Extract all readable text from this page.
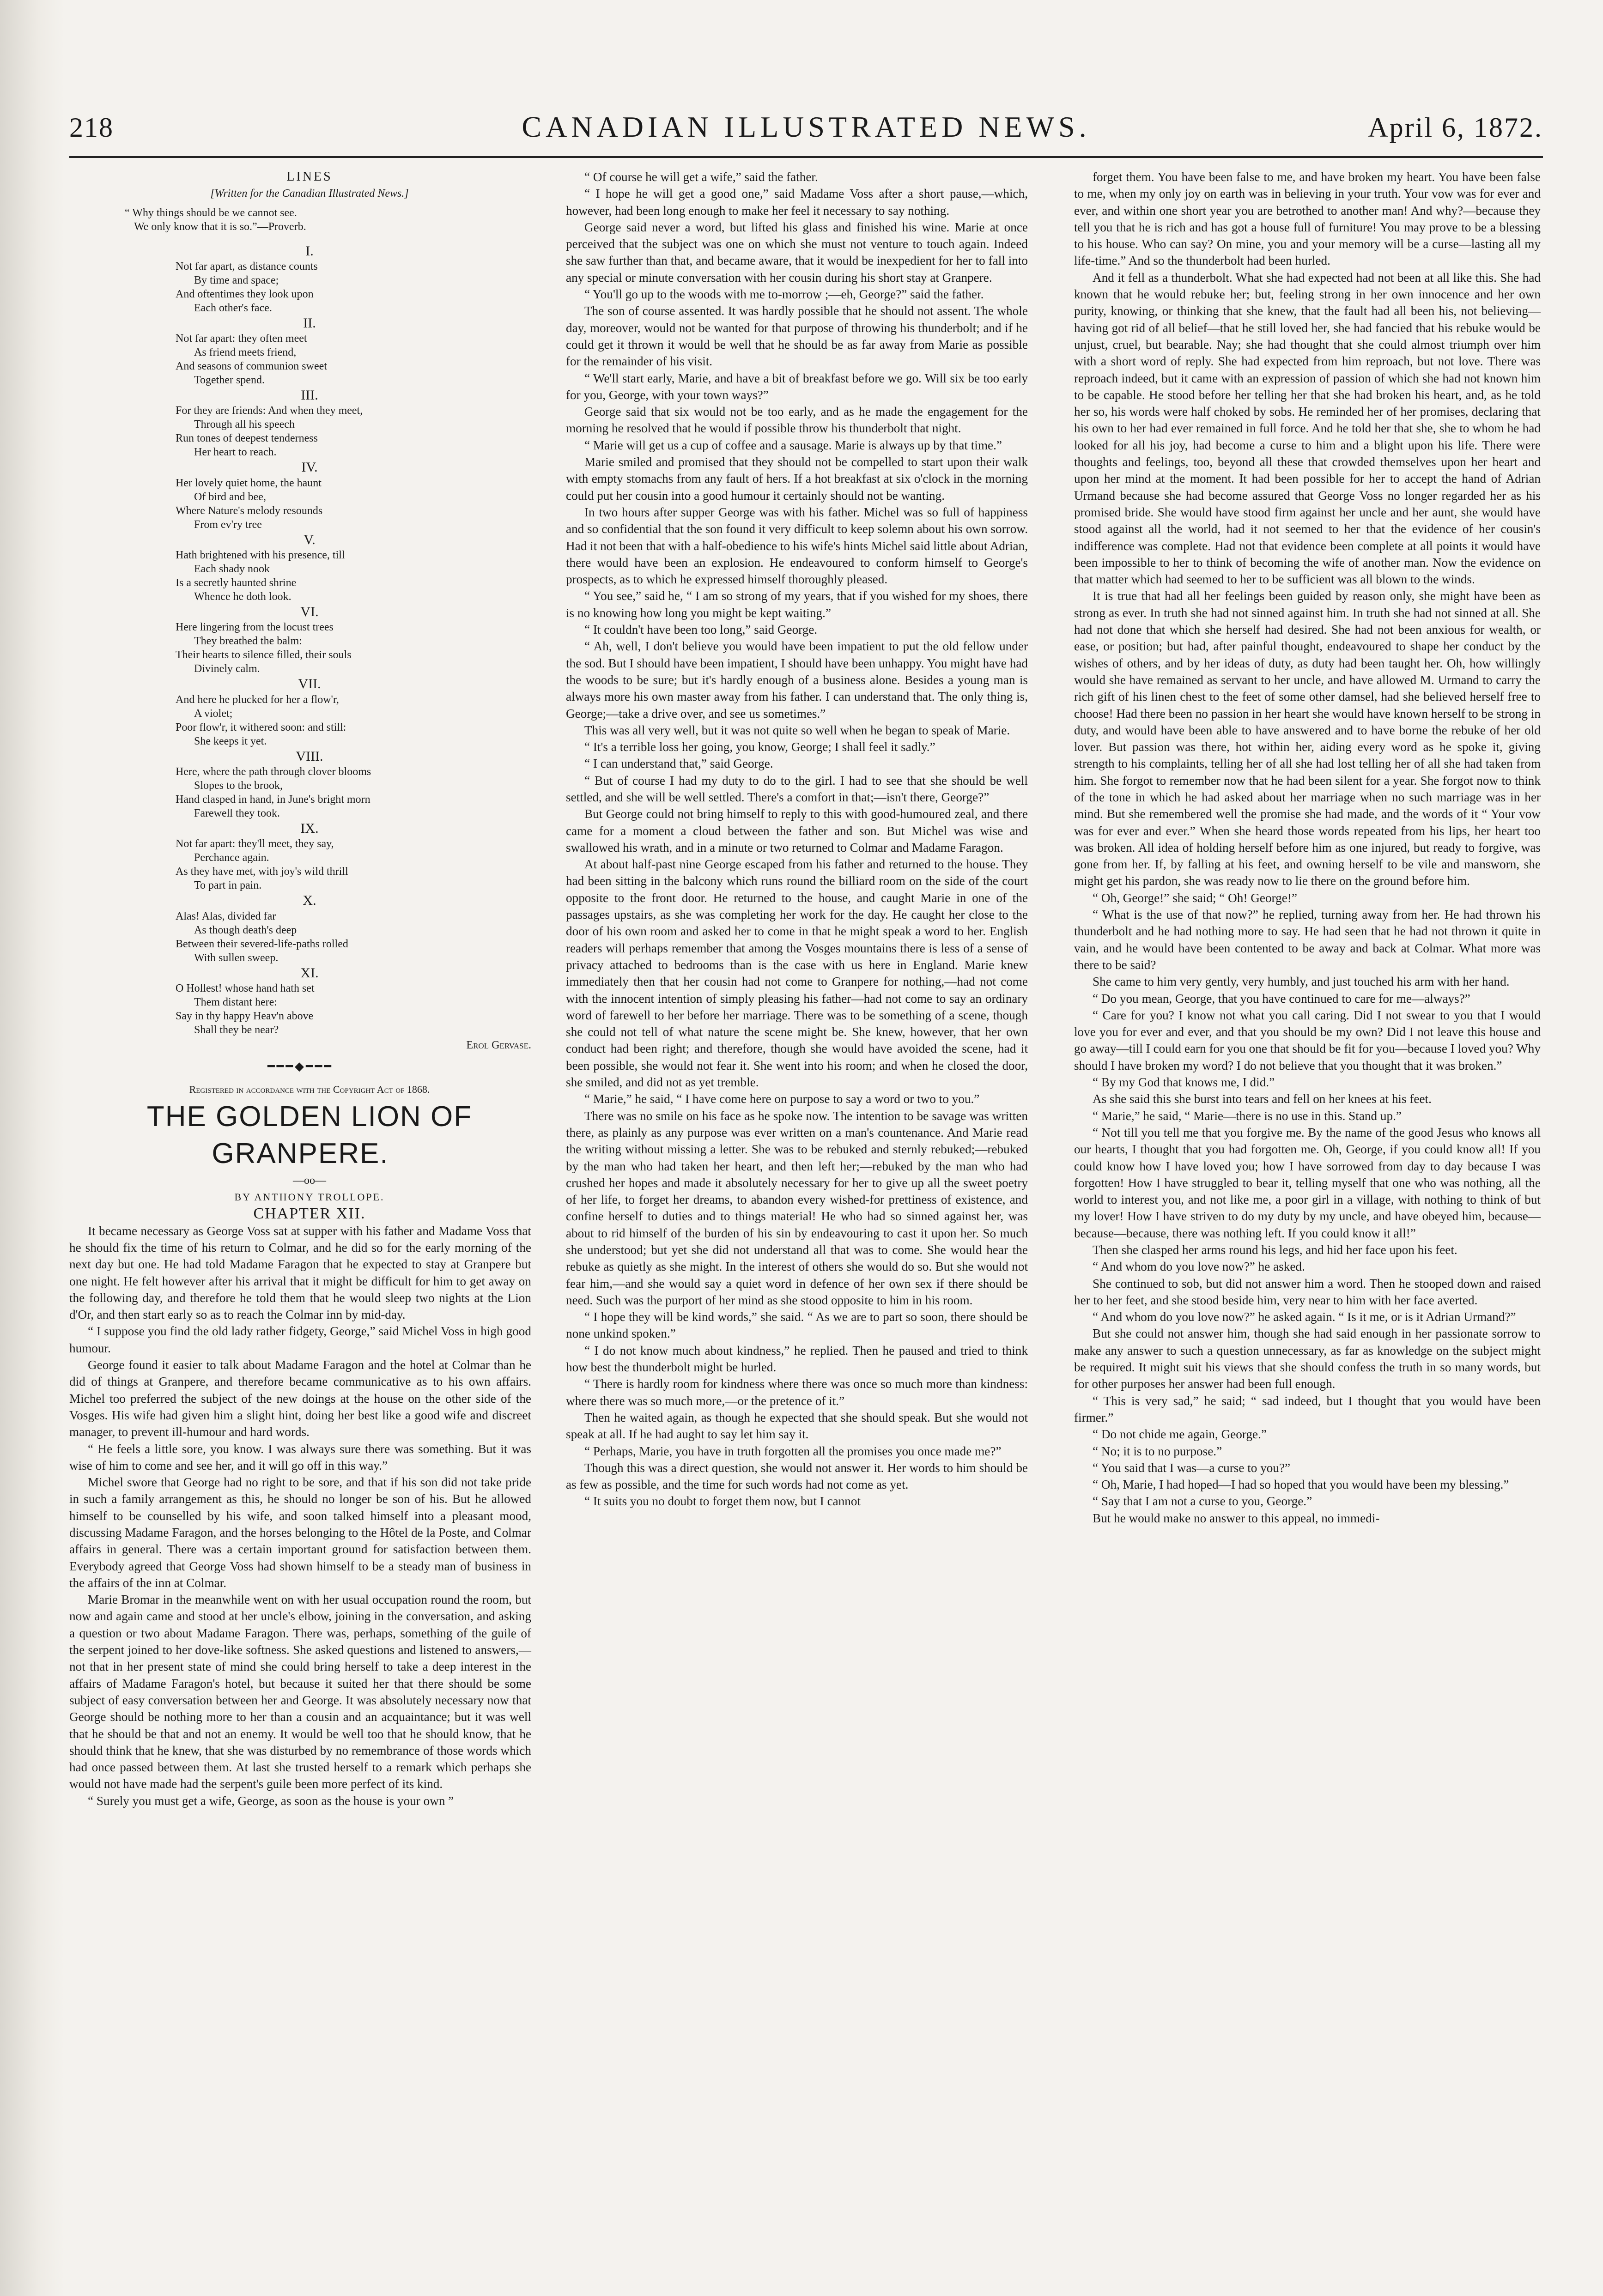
218	CANADIAN ILLUSTRATED NEWS.	April 6, 1872.

LINES

[Written for the Canadian Illustrated News.]

“ Why things should be we cannot see.
We only know that it is so.”—Proverb.

I.

Not far apart, as distance counts

By time and space;

And oftentimes they look upon

Each other's face.

II.

Not far apart: they often meet

As friend meets friend,

And seasons of communion sweet

Together spend.

III.

For they are friends: And when they meet,

Through all his speech

Run tones of deepest tenderness

Her heart to reach.

IV.

Her lovely quiet home, the haunt

Of bird and bee,

Where Nature's melody resounds

From ev'ry tree

V.

Hath brightened with his presence, till

Each shady nook

Is a secretly haunted shrine

Whence he doth look.

VI.

Here lingering from the locust trees

They breathed the balm:

Their hearts to silence filled, their souls

Divinely calm.

VII.

And here he plucked for her a flow'r,

A violet;

Poor flow'r, it withered soon: and still:

She keeps it yet.

VIII.

Here, where the path through clover blooms

Slopes to the brook,

Hand clasped in hand, in June's bright morn

Farewell they took.

IX.

Not far apart: they'll meet, they say,

Perchance again.

As they have met, with joy's wild thrill

To part in pain.

X.

Alas! Alas, divided far

As though death's deep

Between their severed-life-paths rolled

With sullen sweep.

XI.

O Hollest! whose hand hath set

Them distant here:

Say in thy happy Heav'n above

Shall they be near?

Erol Gervase.

━━━◆━━━

Registered in accordance with the Copyright Act of 1868.

THE GOLDEN LION OF GRANPERE.

—oo—

BY ANTHONY TROLLOPE.

CHAPTER XII.

It became necessary as George Voss sat at supper with his father and Madame Voss that he should fix the time of his return to Colmar, and he did so for the early morning of the next day but one. He had told Madame Faragon that he expected to stay at Granpere but one night. He felt however after his arrival that it might be difficult for him to get away on the following day, and therefore he told them that he would sleep two nights at the Lion d'Or, and then start early so as to reach the Colmar inn by mid-day.

“ I suppose you find the old lady rather fidgety, George,” said Michel Voss in high good humour.

George found it easier to talk about Madame Faragon and the hotel at Colmar than he did of things at Granpere, and therefore became communicative as to his own affairs. Michel too preferred the subject of the new doings at the house on the other side of the Vosges. His wife had given him a slight hint, doing her best like a good wife and discreet manager, to prevent ill-humour and hard words.

“ He feels a little sore, you know. I was always sure there was something. But it was wise of him to come and see her, and it will go off in this way.”

Michel swore that George had no right to be sore, and that if his son did not take pride in such a family arrangement as this, he should no longer be son of his. But he allowed himself to be counselled by his wife, and soon talked himself into a pleasant mood, discussing Madame Faragon, and the horses belonging to the Hôtel de la Poste, and Colmar affairs in general. There was a certain important ground for satisfaction between them. Everybody agreed that George Voss had shown himself to be a steady man of business in the affairs of the inn at Colmar.

Marie Bromar in the meanwhile went on with her usual occupation round the room, but now and again came and stood at her uncle's elbow, joining in the conversation, and asking a question or two about Madame Faragon. There was, perhaps, something of the guile of the serpent joined to her dove-like softness. She asked questions and listened to answers,—not that in her present state of mind she could bring herself to take a deep interest in the affairs of Madame Faragon's hotel, but because it suited her that there should be some subject of easy conversation between her and George. It was absolutely necessary now that George should be nothing more to her than a cousin and an acquaintance; but it was well that he should be that and not an enemy. It would be well too that he should know, that he should think that he knew, that she was disturbed by no remembrance of those words which had once passed between them. At last she trusted herself to a remark which perhaps she would not have made had the serpent's guile been more perfect of its kind.

“ Surely you must get a wife, George, as soon as the house is your own ”

“ Of course he will get a wife,” said the father.

“ I hope he will get a good one,” said Madame Voss after a short pause,—which, however, had been long enough to make her feel it necessary to say nothing.

George said never a word, but lifted his glass and finished his wine. Marie at once perceived that the subject was one on which she must not venture to touch again. Indeed she saw further than that, and became aware, that it would be inexpedient for her to fall into any special or minute conversation with her cousin during his short stay at Granpere.

“ You'll go up to the woods with me to-morrow ;—eh, George?” said the father.

The son of course assented. It was hardly possible that he should not assent. The whole day, moreover, would not be wanted for that purpose of throwing his thunderbolt; and if he could get it thrown it would be well that he should be as far away from Marie as possible for the remainder of his visit.

“ We'll start early, Marie, and have a bit of breakfast before we go. Will six be too early for you, George, with your town ways?”

George said that six would not be too early, and as he made the engagement for the morning he resolved that he would if possible throw his thunderbolt that night.

“ Marie will get us a cup of coffee and a sausage. Marie is always up by that time.”

Marie smiled and promised that they should not be compelled to start upon their walk with empty stomachs from any fault of hers. If a hot breakfast at six o'clock in the morning could put her cousin into a good humour it certainly should not be wanting.

In two hours after supper George was with his father. Michel was so full of happiness and so confidential that the son found it very difficult to keep solemn about his own sorrow. Had it not been that with a half-obedience to his wife's hints Michel said little about Adrian, there would have been an explosion. He endeavoured to conform himself to George's prospects, as to which he expressed himself thoroughly pleased.

“ You see,” said he, “ I am so strong of my years, that if you wished for my shoes, there is no knowing how long you might be kept waiting.”

“ It couldn't have been too long,” said George.

“ Ah, well, I don't believe you would have been impatient to put the old fellow under the sod. But I should have been impatient, I should have been unhappy. You might have had the woods to be sure; but it's hardly enough of a business alone. Besides a young man is always more his own master away from his father. I can understand that. The only thing is, George;—take a drive over, and see us sometimes.”

This was all very well, but it was not quite so well when he began to speak of Marie.

“ It's a terrible loss her going, you know, George; I shall feel it sadly.”

“ I can understand that,” said George.

“ But of course I had my duty to do to the girl. I had to see that she should be well settled, and she will be well settled. There's a comfort in that;—isn't there, George?”

But George could not bring himself to reply to this with good-humoured zeal, and there came for a moment a cloud between the father and son. But Michel was wise and swallowed his wrath, and in a minute or two returned to Colmar and Madame Faragon.

At about half-past nine George escaped from his father and returned to the house. They had been sitting in the balcony which runs round the billiard room on the side of the court opposite to the front door. He returned to the house, and caught Marie in one of the passages upstairs, as she was completing her work for the day. He caught her close to the door of his own room and asked her to come in that he might speak a word to her. English readers will perhaps remember that among the Vosges mountains there is less of a sense of privacy attached to bedrooms than is the case with us here in England. Marie knew immediately then that her cousin had not come to Granpere for nothing,—had not come with the innocent intention of simply pleasing his father—had not come to say an ordinary word of farewell to her before her marriage. There was to be something of a scene, though she could not tell of what nature the scene might be. She knew, however, that her own conduct had been right; and therefore, though she would have avoided the scene, had it been possible, she would not fear it. She went into his room; and when he closed the door, she smiled, and did not as yet tremble.

“ Marie,” he said, “ I have come here on purpose to say a word or two to you.”

There was no smile on his face as he spoke now. The intention to be savage was written there, as plainly as any purpose was ever written on a man's countenance. And Marie read the writing without missing a letter. She was to be rebuked and sternly rebuked;—rebuked by the man who had taken her heart, and then left her;—rebuked by the man who had crushed her hopes and made it absolutely necessary for her to give up all the sweet poetry of her life, to forget her dreams, to abandon every wished-for prettiness of existence, and confine herself to duties and to things material! He who had so sinned against her, was about to rid himself of the burden of his sin by endeavouring to cast it upon her. So much she understood; but yet she did not understand all that was to come. She would hear the rebuke as quietly as she might. In the interest of others she would do so. But she would not fear him,—and she would say a quiet word in defence of her own sex if there should be need. Such was the purport of her mind as she stood opposite to him in his room.

“ I hope they will be kind words,” she said. “ As we are to part so soon, there should be none unkind spoken.”

“ I do not know much about kindness,” he replied. Then he paused and tried to think how best the thunderbolt might be hurled.

“ There is hardly room for kindness where there was once so much more than kindness: where there was so much more,—or the pretence of it.”

Then he waited again, as though he expected that she should speak. But she would not speak at all. If he had aught to say let him say it.

“ Perhaps, Marie, you have in truth forgotten all the promises you once made me?”

Though this was a direct question, she would not answer it. Her words to him should be as few as possible, and the time for such words had not come as yet.

“ It suits you no doubt to forget them now, but I cannot

forget them. You have been false to me, and have broken my heart. You have been false to me, when my only joy on earth was in believing in your truth. Your vow was for ever and ever, and within one short year you are betrothed to another man! And why?—because they tell you that he is rich and has got a house full of furniture! You may prove to be a blessing to his house. Who can say? On mine, you and your memory will be a curse—lasting all my life-time.” And so the thunderbolt had been hurled.

And it fell as a thunderbolt. What she had expected had not been at all like this. She had known that he would rebuke her; but, feeling strong in her own innocence and her own purity, knowing, or thinking that she knew, that the fault had all been his, not believing—having got rid of all belief—that he still loved her, she had fancied that his rebuke would be unjust, cruel, but bearable. Nay; she had thought that she could almost triumph over him with a short word of reply. She had expected from him reproach, but not love. There was reproach indeed, but it came with an expression of passion of which she had not known him to be capable. He stood before her telling her that she had broken his heart, and, as he told her so, his words were half choked by sobs. He reminded her of her promises, declaring that his own to her had ever remained in full force. And he told her that she, she to whom he had looked for all his joy, had become a curse to him and a blight upon his life. There were thoughts and feelings, too, beyond all these that crowded themselves upon her heart and upon her mind at the moment. It had been possible for her to accept the hand of Adrian Urmand because she had become assured that George Voss no longer regarded her as his promised bride. She would have stood firm against her uncle and her aunt, she would have stood against all the world, had it not seemed to her that the evidence of her cousin's indifference was complete. Had not that evidence been complete at all points it would have been impossible to her to think of becoming the wife of another man. Now the evidence on that matter which had seemed to her to be sufficient was all blown to the winds.

It is true that had all her feelings been guided by reason only, she might have been as strong as ever. In truth she had not sinned against him. In truth she had not sinned at all. She had not done that which she herself had desired. She had not been anxious for wealth, or ease, or position; but had, after painful thought, endeavoured to shape her conduct by the wishes of others, and by her ideas of duty, as duty had been taught her. Oh, how willingly would she have remained as servant to her uncle, and have allowed M. Urmand to carry the rich gift of his linen chest to the feet of some other damsel, had she believed herself free to choose! Had there been no passion in her heart she would have known herself to be strong in duty, and would have been able to have answered and to have borne the rebuke of her old lover. But passion was there, hot within her, aiding every word as he spoke it, giving strength to his complaints, telling her of all she had lost telling her of all she had taken from him. She forgot to remember now that he had been silent for a year. She forgot now to think of the tone in which he had asked about her marriage when no such marriage was in her mind. But she remembered well the promise she had made, and the words of it “ Your vow was for ever and ever.” When she heard those words repeated from his lips, her heart too was broken. All idea of holding herself before him as one injured, but ready to forgive, was gone from her. If, by falling at his feet, and owning herself to be vile and mansworn, she might get his pardon, she was ready now to lie there on the ground before him.

“ Oh, George!” she said; “ Oh! George!”

“ What is the use of that now?” he replied, turning away from her. He had thrown his thunderbolt and he had nothing more to say. He had seen that he had not thrown it quite in vain, and he would have been contented to be away and back at Colmar. What more was there to be said?

She came to him very gently, very humbly, and just touched his arm with her hand.

“ Do you mean, George, that you have continued to care for me—always?”

“ Care for you? I know not what you call caring. Did I not swear to you that I would love you for ever and ever, and that you should be my own? Did I not leave this house and go away—till I could earn for you one that should be fit for you—because I loved you? Why should I have broken my word? I do not believe that you thought that it was broken.”

“ By my God that knows me, I did.”

As she said this she burst into tears and fell on her knees at his feet.

“ Marie,” he said, “ Marie—there is no use in this. Stand up.”

“ Not till you tell me that you forgive me. By the name of the good Jesus who knows all our hearts, I thought that you had forgotten me. Oh, George, if you could know all! If you could know how I have loved you; how I have sorrowed from day to day because I was forgotten! How I have struggled to bear it, telling myself that one who was nothing, all the world to interest you, and not like me, a poor girl in a village, with nothing to think of but my lover! How I have striven to do my duty by my uncle, and have obeyed him, because—because—because, there was nothing left. If you could know it all!”

Then she clasped her arms round his legs, and hid her face upon his feet.

“ And whom do you love now?” he asked.

She continued to sob, but did not answer him a word. Then he stooped down and raised her to her feet, and she stood beside him, very near to him with her face averted.

“ And whom do you love now?” he asked again. “ Is it me, or is it Adrian Urmand?”

But she could not answer him, though she had said enough in her passionate sorrow to make any answer to such a question unnecessary, as far as knowledge on the subject might be required. It might suit his views that she should confess the truth in so many words, but for other purposes her answer had been full enough.

“ This is very sad,” he said; “ sad indeed, but I thought that you would have been firmer.”

“ Do not chide me again, George.”

“ No; it is to no purpose.”

“ You said that I was—a curse to you?”

“ Oh, Marie, I had hoped—I had so hoped that you would have been my blessing.”

“ Say that I am not a curse to you, George.”

But he would make no answer to this appeal, no immedi-
